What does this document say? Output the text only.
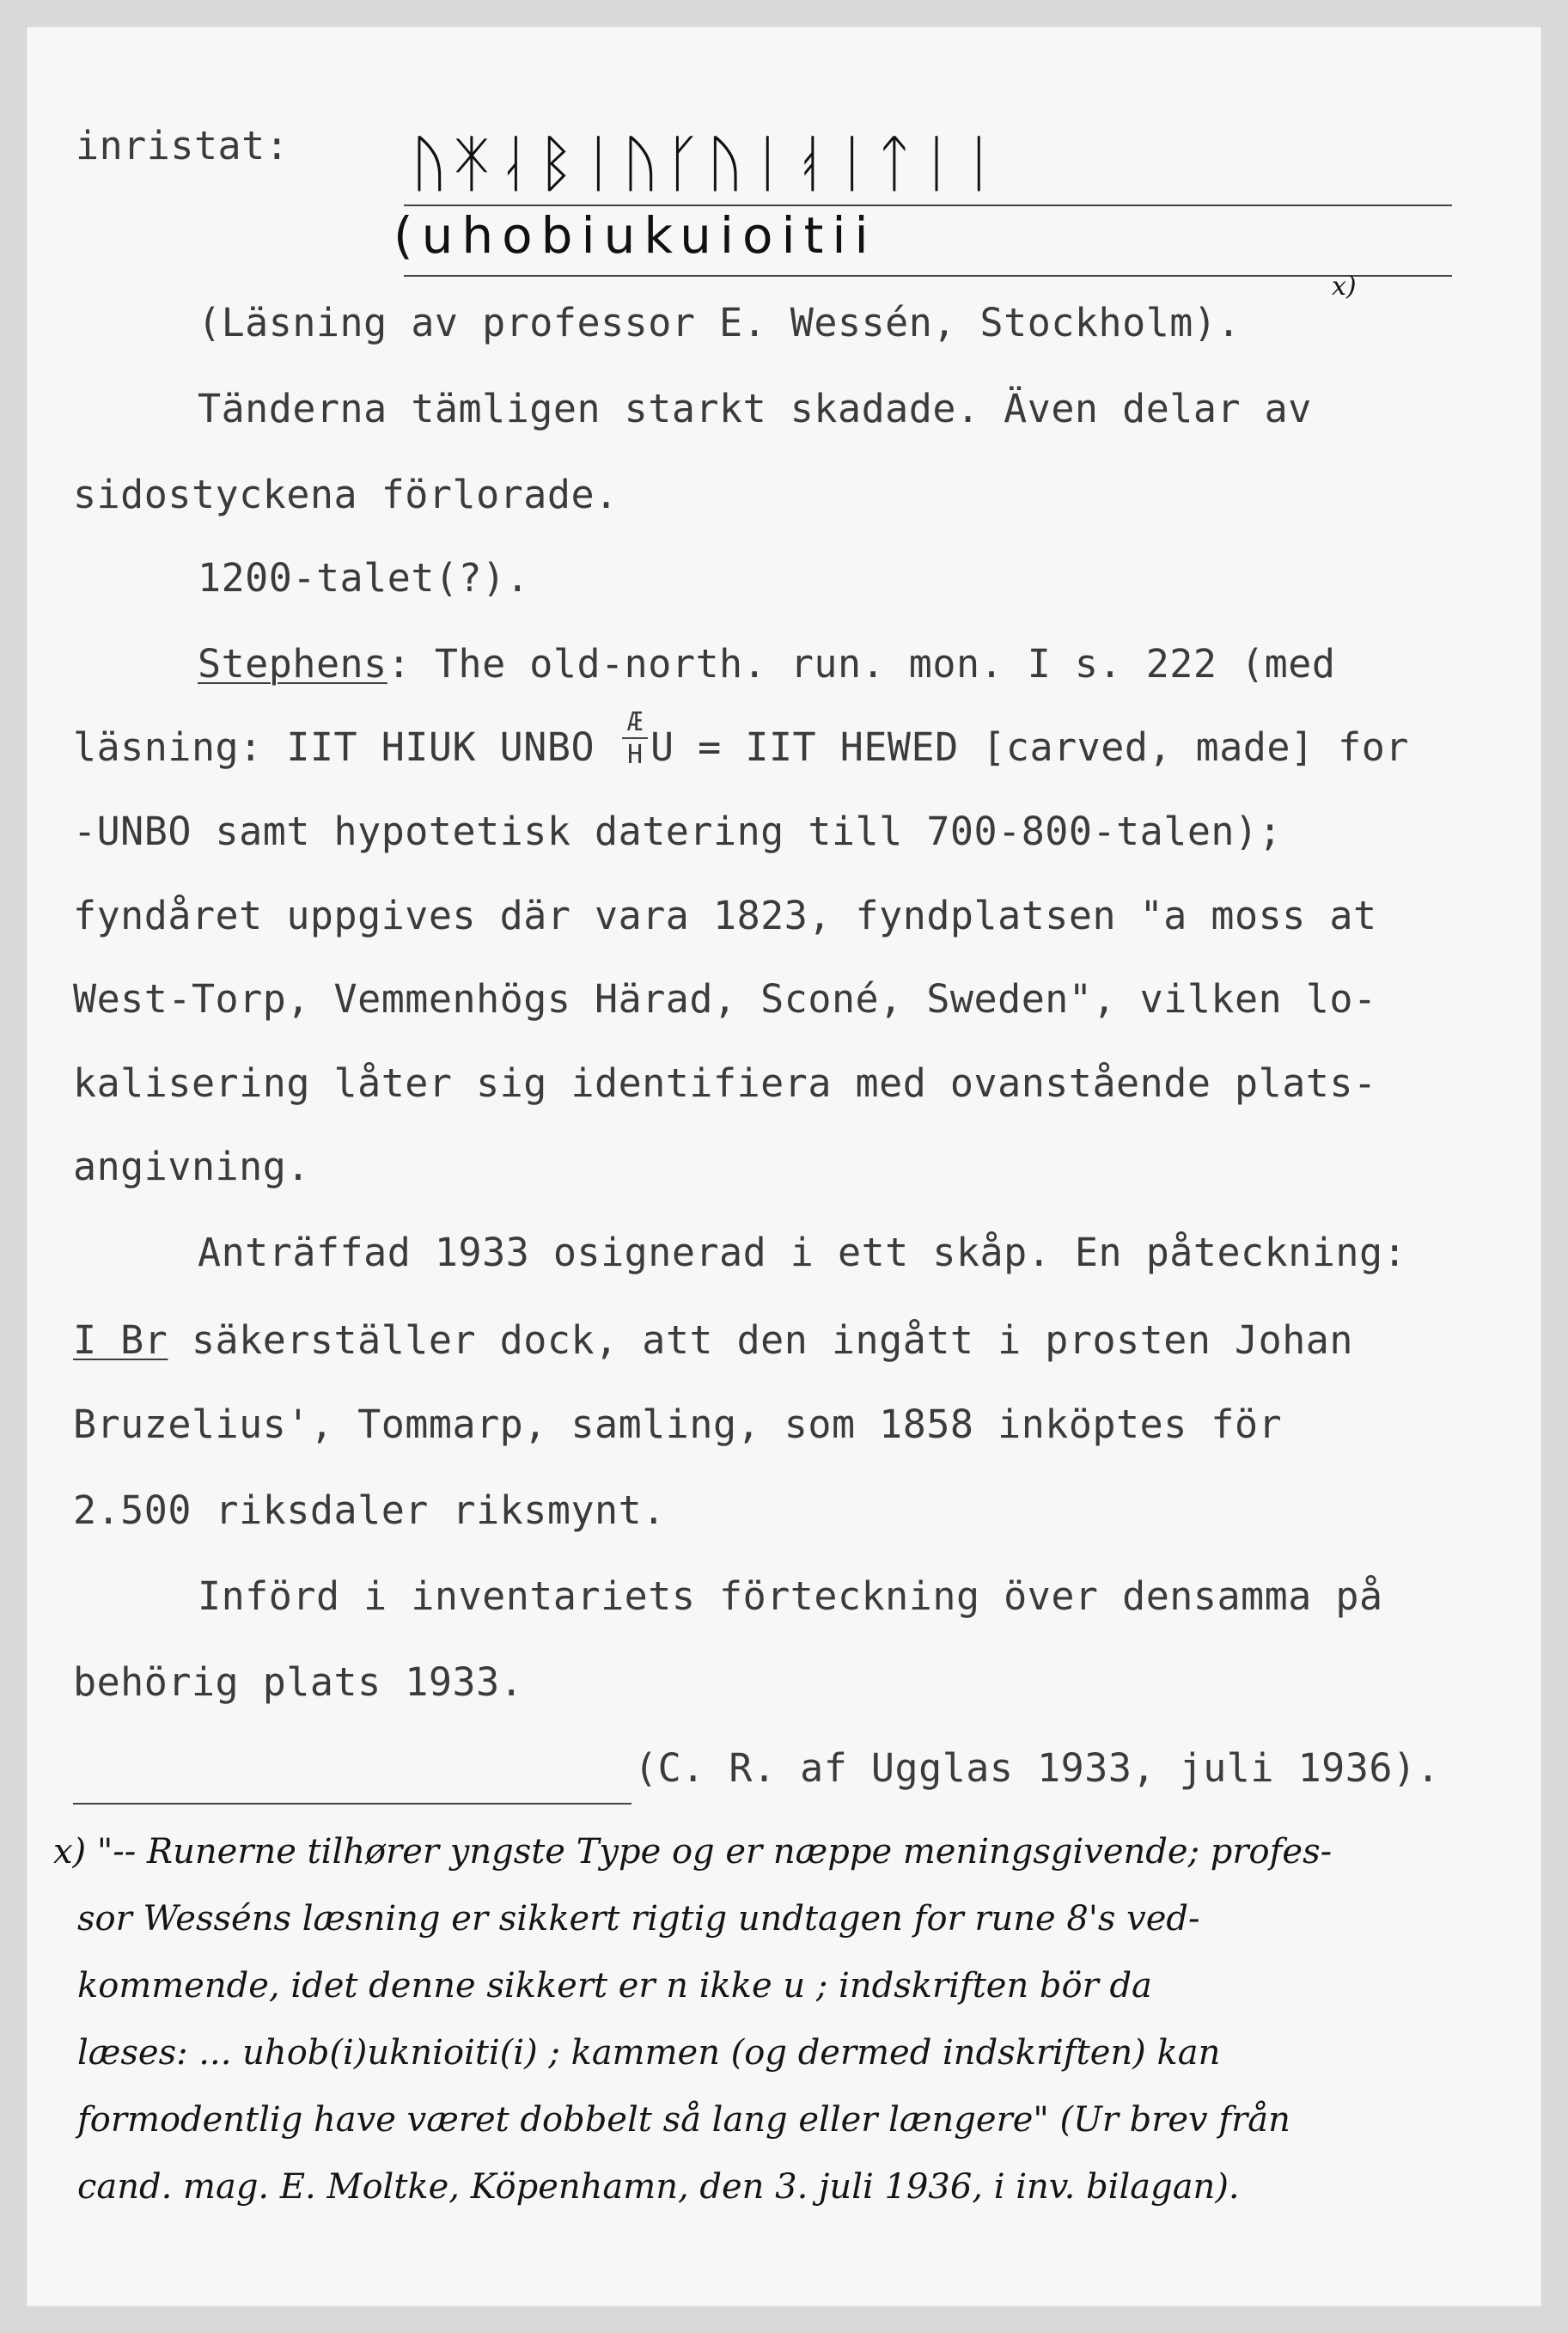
inristat: ᚢᛡᛆᛒᛁᚢᚴᚢᛁᚮᛁᛏᛁᛁ
(uhobiukuioitii
x)
(Läsning av professor E. Wessén, Stockholm).
Tänderna tämligen starkt skadade. Även delar av
sidostyckena förlorade.
1200-talet(?).
Stephens: The old-north. run. mon. I s. 222 (med
läsning: IIT HIUK UNBO
Æ
H U = IIT HEWED [carved, made] for
-UNBO samt hypotetisk datering till 700-800-talen);
fyndåret uppgives där vara 1823, fyndplatsen "a moss at
West-Torp, Vemmenhögs Härad, Sconé, Sweden", vilken lo-
kalisering låter sig identifiera med ovanstående plats-
angivning.
Anträffad 1933 osignerad i ett skåp. En påteckning:
I Br säkerställer dock, att den ingått i prosten Johan
Bruzelius', Tommarp, samling, som 1858 inköptes för
2.500 riksdaler riksmynt.
Införd i inventariets förteckning över densamma på
behörig plats 1933.
(C. R. af Ugglas 1933, juli 1936).
x) "-- Runerne tilhører yngste Type og er næppe meningsgivende; profes-
sor Wesséns læsning er sikkert rigtig undtagen for rune 8's ved-
kommende, idet denne sikkert er n ikke u ; indskriften bör da
læses: ... uhob(i)uknioiti(i) ; kammen (og dermed indskriften) kan
formodentlig have været dobbelt så lang eller længere" (Ur brev från
cand. mag. E. Moltke, Köpenhamn, den 3. juli 1936, i inv. bilagan).
